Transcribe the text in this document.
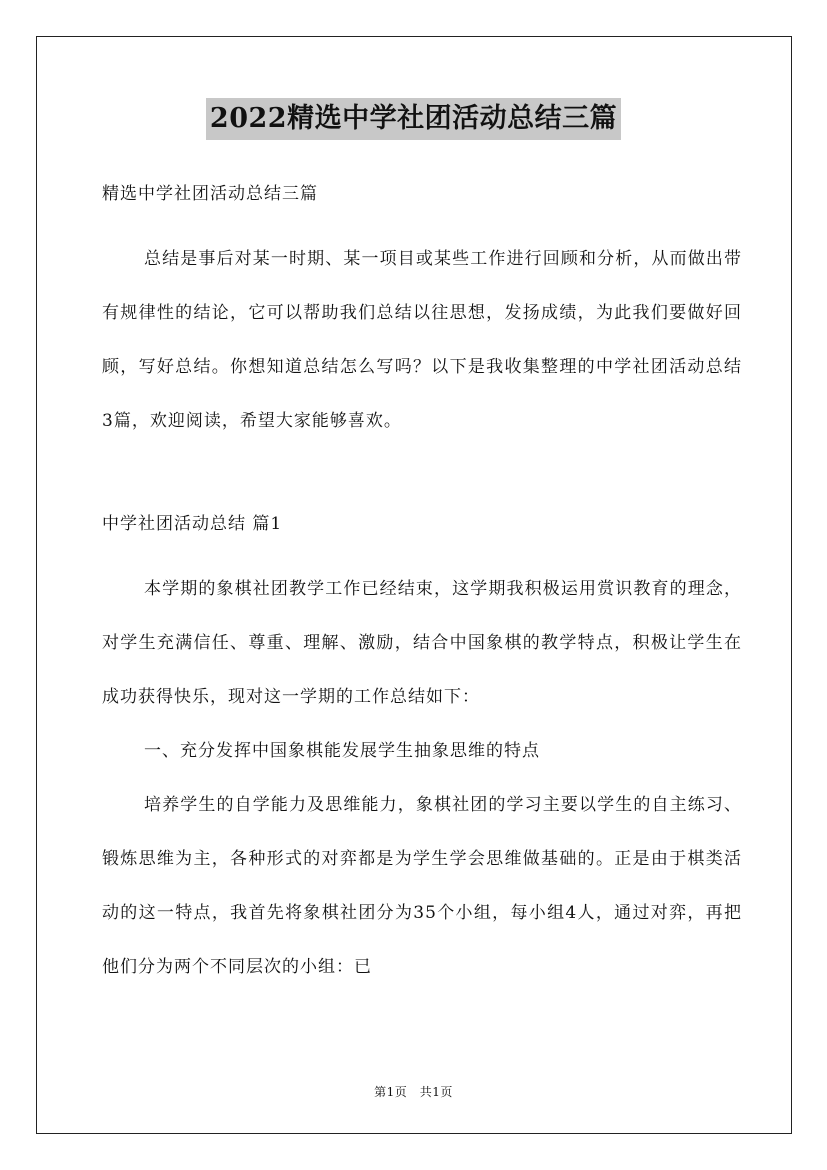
2022精选中学社团活动总结三篇

精选中学社团活动总结三篇

总结是事后对某一时期、某一项目或某些工作进行回顾和分析，从而做出带有规律性的结论，它可以帮助我们总结以往思想，发扬成绩，为此我们要做好回顾，写好总结。你想知道总结怎么写吗？以下是我收集整理的中学社团活动总结3篇，欢迎阅读，希望大家能够喜欢。

中学社团活动总结 篇1

本学期的象棋社团教学工作已经结束，这学期我积极运用赏识教育的理念，对学生充满信任、尊重、理解、激励，结合中国象棋的教学特点，积极让学生在成功获得快乐，现对这一学期的工作总结如下：

一、充分发挥中国象棋能发展学生抽象思维的特点

培养学生的自学能力及思维能力，象棋社团的学习主要以学生的自主练习、锻炼思维为主，各种形式的对弈都是为学生学会思维做基础的。正是由于棋类活动的这一特点，我首先将象棋社团分为35个小组，每小组4人，通过对弈，再把他们分为两个不同层次的小组：已

第1页　共1页
